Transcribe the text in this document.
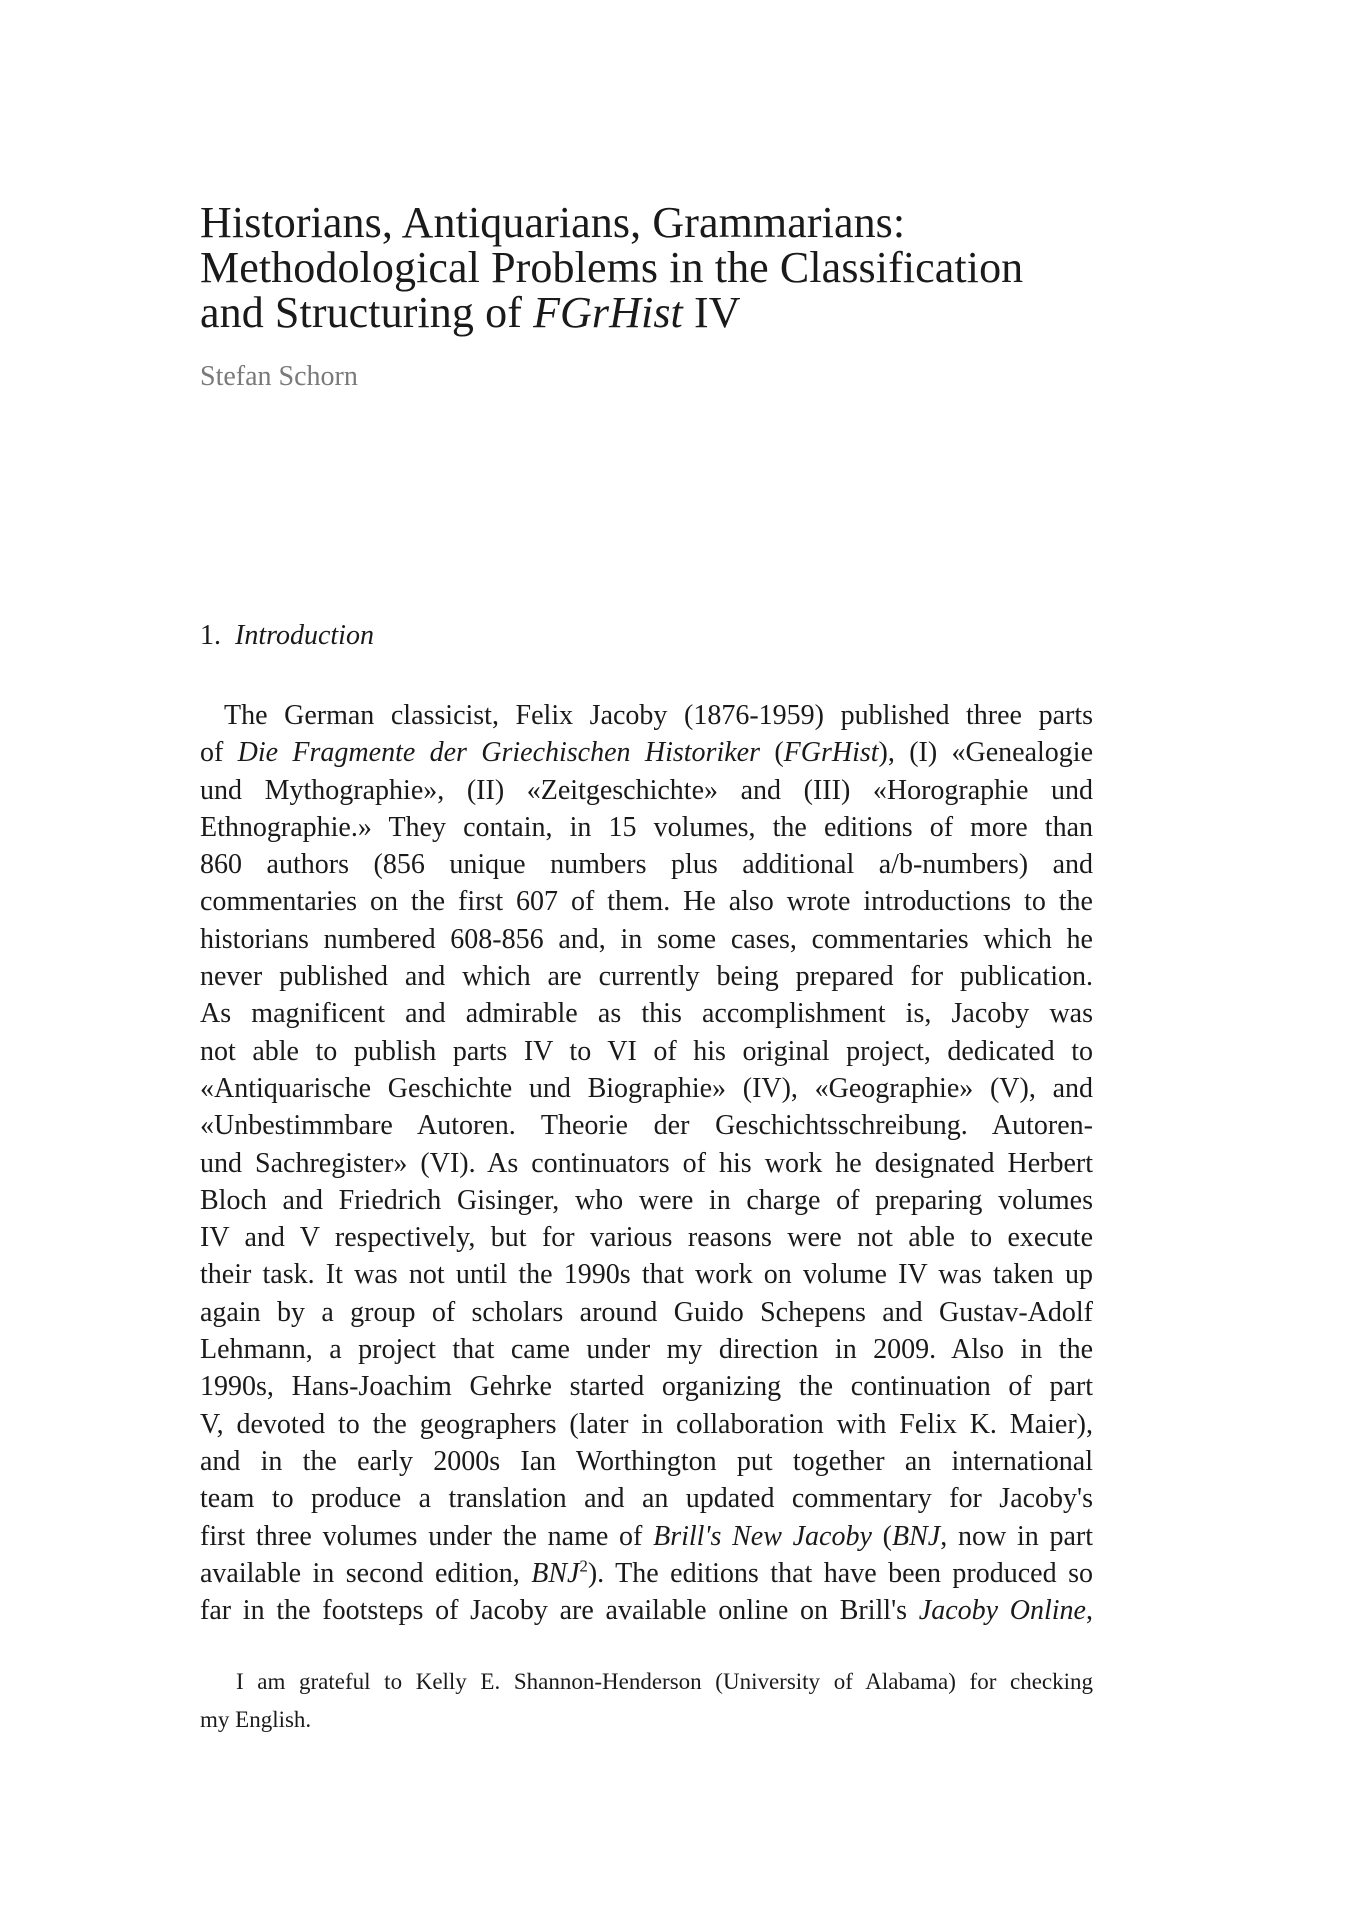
Historians, Antiquarians, Grammarians:
Methodological Problems in the Classification
and Structuring of FGrHist IV
Stefan Schorn
1. Introduction
The German classicist, Felix Jacoby (1876-1959) published three parts
of Die Fragmente der Griechischen Historiker (FGrHist), (I) «Genealogie
und Mythographie», (II) «Zeitgeschichte» and (III) «Horographie und
Ethnographie.» They contain, in 15 volumes, the editions of more than
860 authors (856 unique numbers plus additional a/b-numbers) and
commentaries on the first 607 of them. He also wrote introductions to the
historians numbered 608-856 and, in some cases, commentaries which he
never published and which are currently being prepared for publication.
As magnificent and admirable as this accomplishment is, Jacoby was
not able to publish parts IV to VI of his original project, dedicated to
«Antiquarische Geschichte und Biographie» (IV), «Geographie» (V), and
«Unbestimmbare Autoren. Theorie der Geschichtsschreibung. Autoren-
und Sachregister» (VI). As continuators of his work he designated Herbert
Bloch and Friedrich Gisinger, who were in charge of preparing volumes
IV and V respectively, but for various reasons were not able to execute
their task. It was not until the 1990s that work on volume IV was taken up
again by a group of scholars around Guido Schepens and Gustav-Adolf
Lehmann, a project that came under my direction in 2009. Also in the
1990s, Hans-Joachim Gehrke started organizing the continuation of part
V, devoted to the geographers (later in collaboration with Felix K. Maier),
and in the early 2000s Ian Worthington put together an international
team to produce a translation and an updated commentary for Jacoby's
first three volumes under the name of Brill's New Jacoby (BNJ, now in part
available in second edition, BNJ$^2$). The editions that have been produced so
far in the footsteps of Jacoby are available online on Brill's Jacoby Online,
I am grateful to Kelly E. Shannon-Henderson (University of Alabama) for checking
my English.
